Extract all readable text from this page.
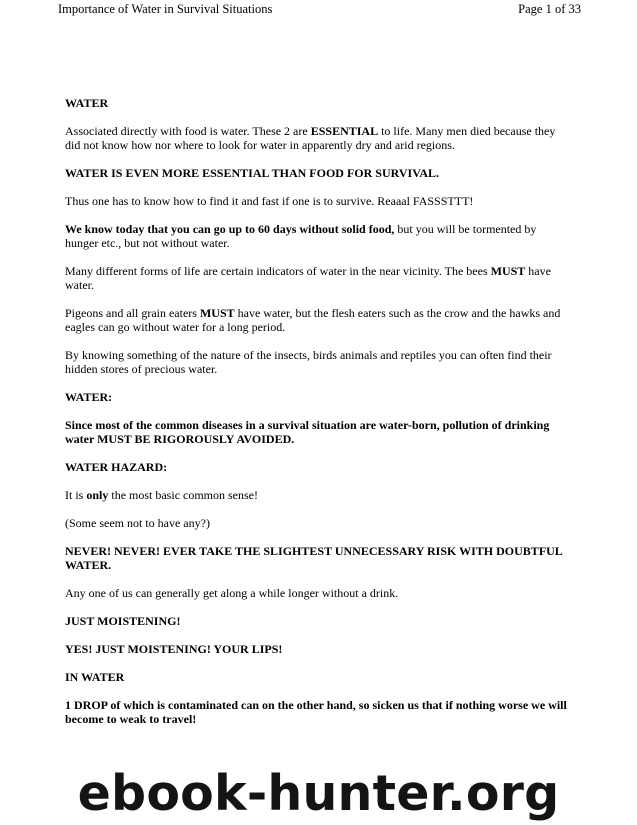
Importance of Water in Survival Situations	Page 1 of 33

WATER

Associated directly with food is water. These 2 are ESSENTIAL to life. Many men died because they did not know how nor where to look for water in apparently dry and arid regions.

WATER IS EVEN MORE ESSENTIAL THAN FOOD FOR SURVIVAL.

Thus one has to know how to find it and fast if one is to survive. Reaaal FASSSTTT!

We know today that you can go up to 60 days without solid food, but you will be tormented by hunger etc., but not without water.

Many different forms of life are certain indicators of water in the near vicinity. The bees MUST have water.

Pigeons and all grain eaters MUST have water, but the flesh eaters such as the crow and the hawks and eagles can go without water for a long period.

By knowing something of the nature of the insects, birds animals and reptiles you can often find their hidden stores of precious water.

WATER:

Since most of the common diseases in a survival situation are water-born, pollution of drinking water MUST BE RIGOROUSLY AVOIDED.

WATER HAZARD:

It is only the most basic common sense!

(Some seem not to have any?)

NEVER! NEVER! EVER TAKE THE SLIGHTEST UNNECESSARY RISK WITH DOUBTFUL WATER.

Any one of us can generally get along a while longer without a drink.

JUST MOISTENING!

YES! JUST MOISTENING! YOUR LIPS!

IN WATER

1 DROP of which is contaminated can on the other hand, so sicken us that if nothing worse we will become to weak to travel!

ebook-hunter.org
